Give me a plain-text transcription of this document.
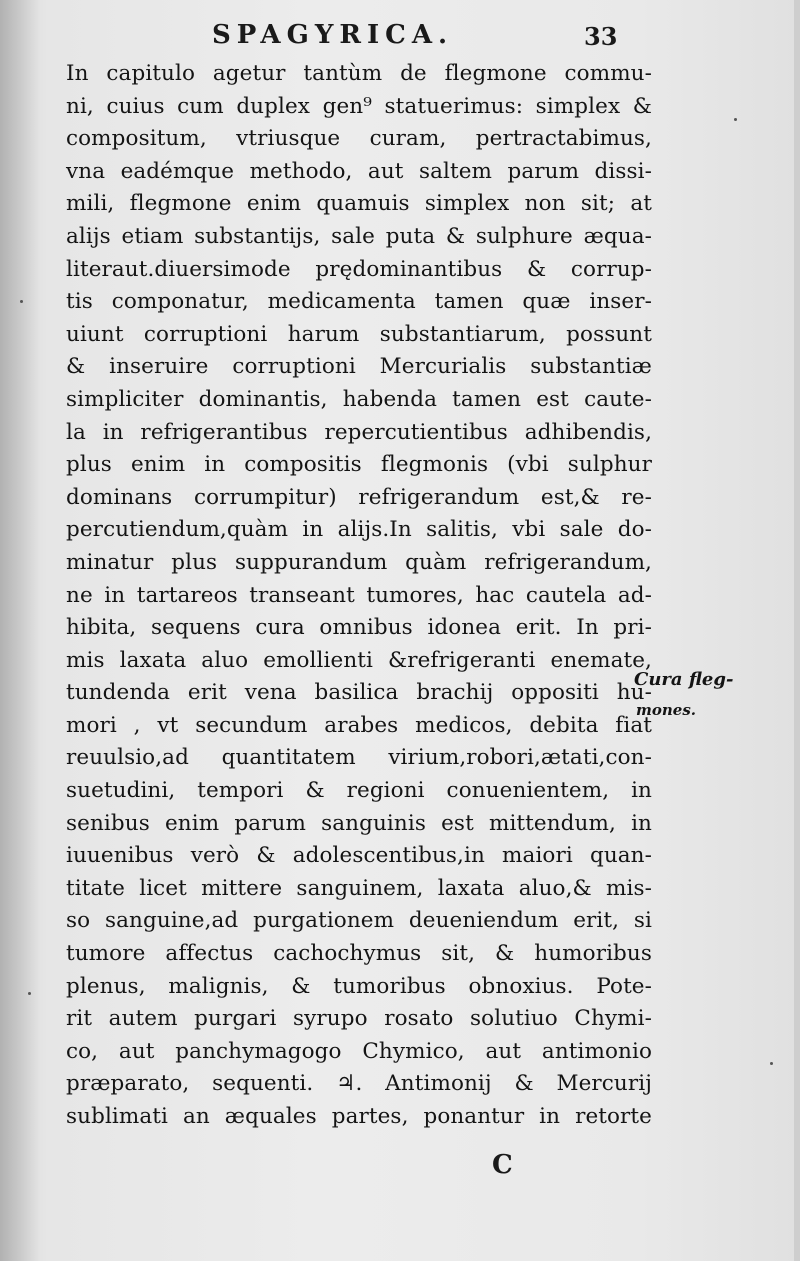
SPAGYRICA.	33
In capitulo agetur tantùm de flegmone commu-
ni, cuius cum duplex gen⁹ statuerimus: simplex &
compositum, vtriusque curam, pertractabimus,
vna eadémque methodo, aut saltem parum dissi-
mili, flegmone enim quamuis simplex non sit; at
alijs etiam substantijs, sale puta & sulphure æqua-
literaut.diuersimode prędominantibus & corrup-
tis componatur, medicamenta tamen quæ inser-
uiunt corruptioni harum substantiarum, possunt
& inseruire corruptioni Mercurialis substantiæ
simpliciter dominantis, habenda tamen est caute-
la in refrigerantibus repercutientibus adhibendis,
plus enim in compositis flegmonis (vbi sulphur
dominans corrumpitur) refrigerandum est,& re-
percutiendum,quàm in alijs.In salitis, vbi sale do-
minatur plus suppurandum quàm refrigerandum,
ne in tartareos transeant tumores, hac cautela ad-
hibita, sequens cura omnibus idonea erit. In pri-
mis laxata aluo emollienti &refrigeranti enemate,
tundenda erit vena basilica brachij oppositi hu-
mori , vt secundum arabes medicos, debita fiat
reuulsio,ad quantitatem virium,robori,ætati,con-
suetudini, tempori & regioni conuenientem, in
senibus enim parum sanguinis est mittendum, in
iuuenibus verò & adolescentibus,in maiori quan-
titate licet mittere sanguinem, laxata aluo,& mis-
so sanguine,ad purgationem deueniendum erit, si
tumore affectus cachochymus sit, & humoribus
plenus, malignis, & tumoribus obnoxius. Pote-
rit autem purgari syrupo rosato solutiuo Chymi-
co, aut panchymagogo Chymico, aut antimonio
præparato, sequenti. ♃. Antimonij & Mercurij
sublimati an æquales partes, ponantur in retorte
Cura fleg-
mones.
C
